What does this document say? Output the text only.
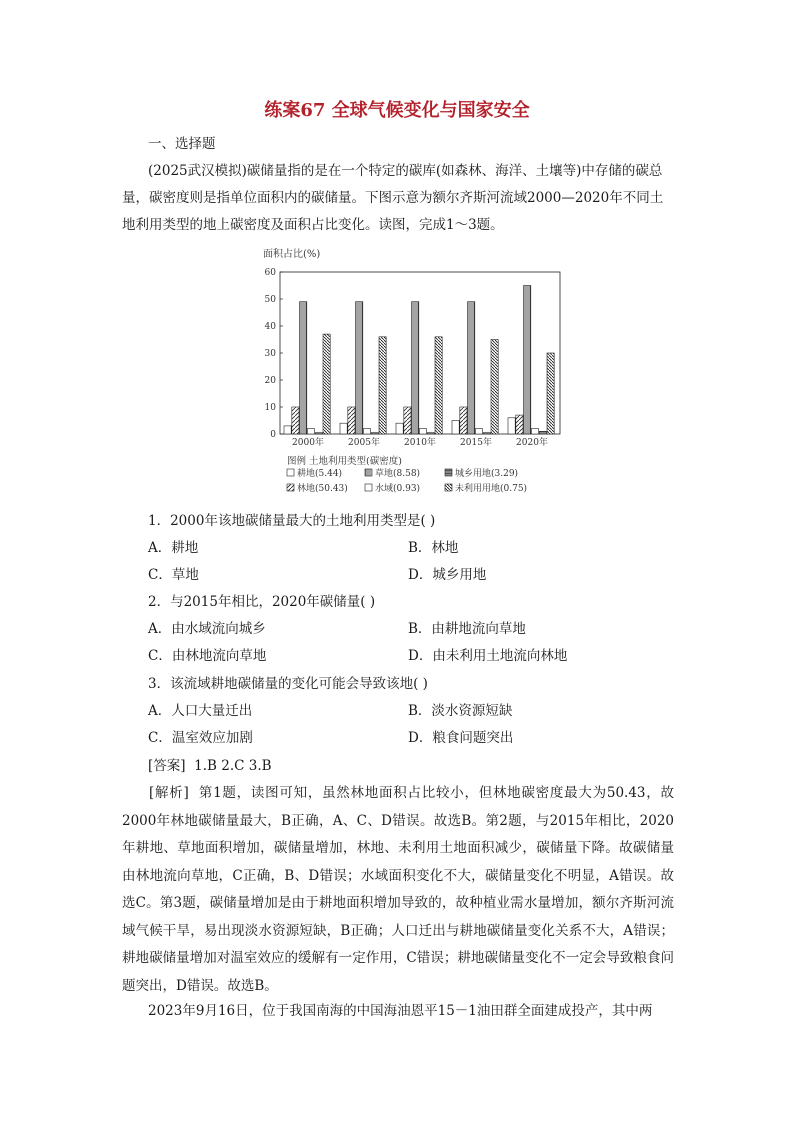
练案67 全球气候变化与国家安全
一、选择题
(2025武汉模拟)碳储量指的是在一个特定的碳库(如森林、海洋、土壤等)中存储的碳总
量，碳密度则是指单位面积内的碳储量。下图示意为额尔齐斯河流域2000—2020年不同土
地利用类型的地上碳密度及面积占比变化。读图，完成1～3题。
面积占比(%)
0
10
20
30
40
50
60
2000年	2005年	2010年	2015年	2020年
图例 土地利用类型(碳密度)
耕地(5.44)	草地(8.58)	城乡用地(3.29)
林地(50.43)	水域(0.93)	未利用用地(0.75)
1．2000年该地碳储量最大的土地利用类型是( )
A．耕地	B．林地
C．草地	D．城乡用地
2．与2015年相比，2020年碳储量( )
A．由水域流向城乡	B．由耕地流向草地
C．由林地流向草地	D．由未利用土地流向林地
3．该流域耕地碳储量的变化可能会导致该地( )
A．人口大量迁出	B．淡水资源短缺
C．温室效应加剧	D．粮食问题突出
[答案] 1.B 2.C 3.B
[解析] 第1题，读图可知，虽然林地面积占比较小，但林地碳密度最大为50.43，故2000年林地碳储量最大，B正确，A、C、D错误。故选B。第2题，与2015年相比，2020年耕地、草地面积增加，碳储量增加，林地、未利用土地面积减少，碳储量下降。故碳储量由林地流向草地，C正确，B、D错误；水域面积变化不大，碳储量变化不明显，A错误。故选C。第3题，碳储量增加是由于耕地面积增加导致的，故种植业需水量增加，额尔齐斯河流域气候干旱，易出现淡水资源短缺，B正确；人口迁出与耕地碳储量变化关系不大，A错误；耕地碳储量增加对温室效应的缓解有一定作用，C错误；耕地碳储量变化不一定会导致粮食问题突出，D错误。故选B。
2023年9月16日，位于我国南海的中国海油恩平15－1油田群全面建成投产，其中两
